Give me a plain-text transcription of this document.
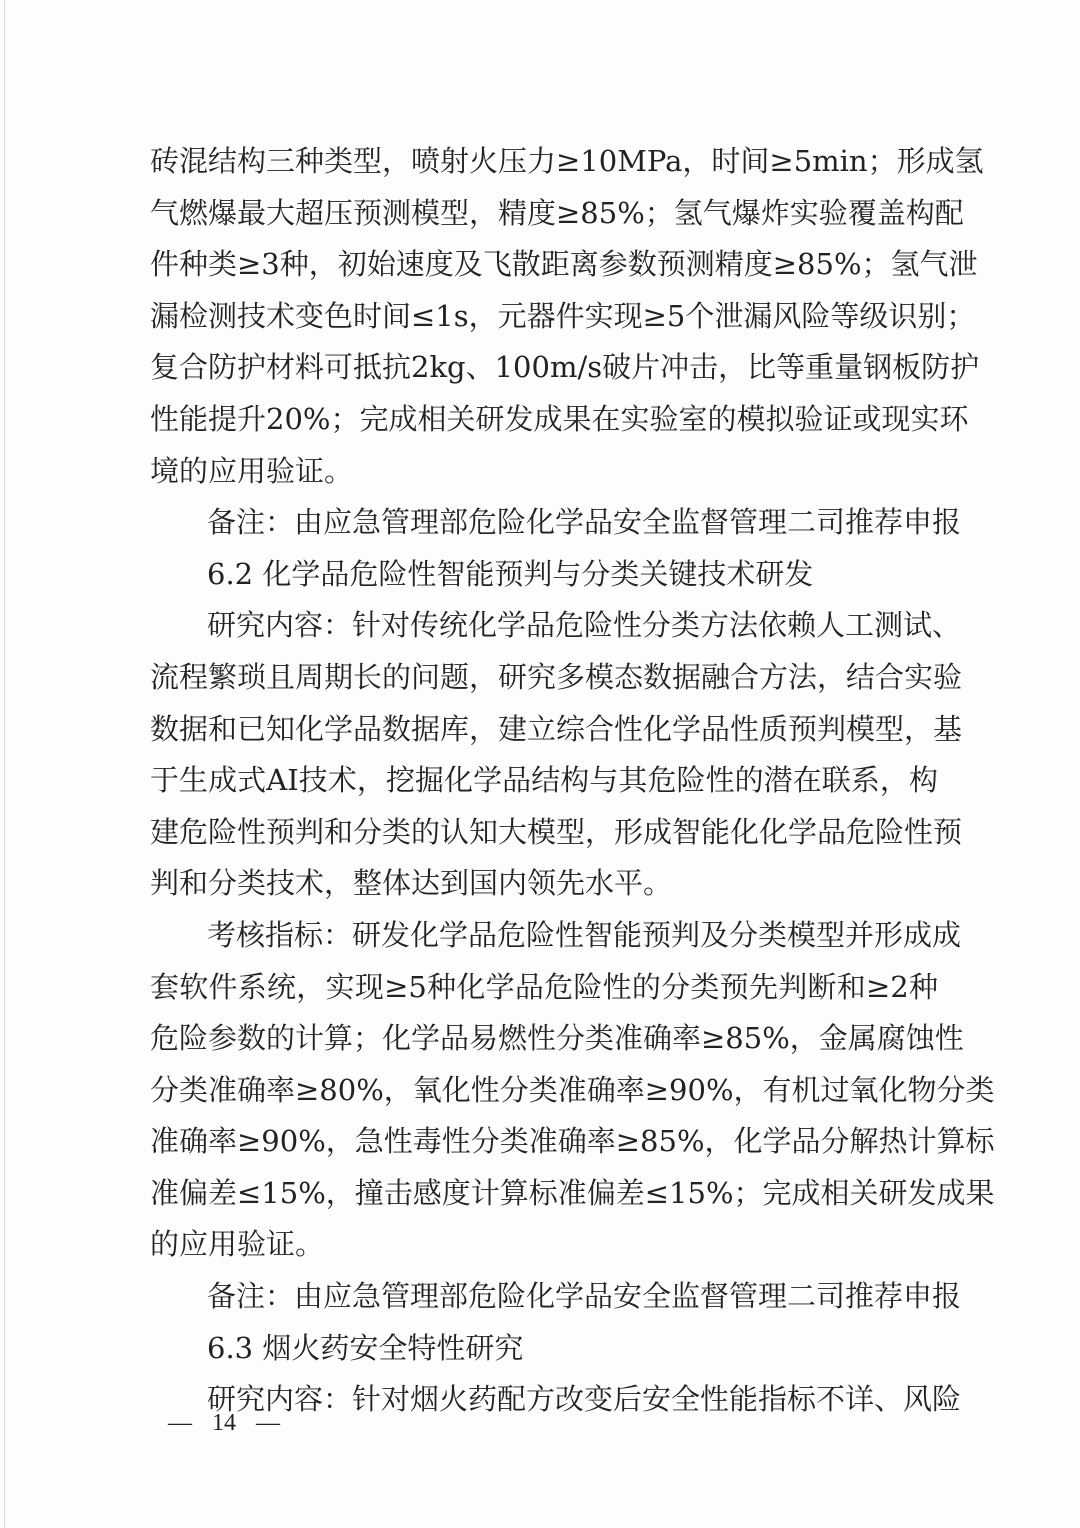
砖混结构三种类型，喷射火压力≥10MPa，时间≥5min；形成氢
气燃爆最大超压预测模型，精度≥85%；氢气爆炸实验覆盖构配
件种类≥3种，初始速度及飞散距离参数预测精度≥85%；氢气泄
漏检测技术变色时间≤1s，元器件实现≥5个泄漏风险等级识别；
复合防护材料可抵抗2kg、100m/s破片冲击，比等重量钢板防护
性能提升20%；完成相关研发成果在实验室的模拟验证或现实环
境的应用验证。
备注：由应急管理部危险化学品安全监督管理二司推荐申报
6.2 化学品危险性智能预判与分类关键技术研发
研究内容：针对传统化学品危险性分类方法依赖人工测试、
流程繁琐且周期长的问题，研究多模态数据融合方法，结合实验
数据和已知化学品数据库，建立综合性化学品性质预判模型，基
于生成式AI技术，挖掘化学品结构与其危险性的潜在联系，构
建危险性预判和分类的认知大模型，形成智能化化学品危险性预
判和分类技术，整体达到国内领先水平。
考核指标：研发化学品危险性智能预判及分类模型并形成成
套软件系统，实现≥5种化学品危险性的分类预先判断和≥2种
危险参数的计算；化学品易燃性分类准确率≥85%，金属腐蚀性
分类准确率≥80%，氧化性分类准确率≥90%，有机过氧化物分类
准确率≥90%，急性毒性分类准确率≥85%，化学品分解热计算标
准偏差≤15%，撞击感度计算标准偏差≤15%；完成相关研发成果
的应用验证。
备注：由应急管理部危险化学品安全监督管理二司推荐申报
6.3 烟火药安全特性研究
研究内容：针对烟火药配方改变后安全性能指标不详、风险
— 14 —
